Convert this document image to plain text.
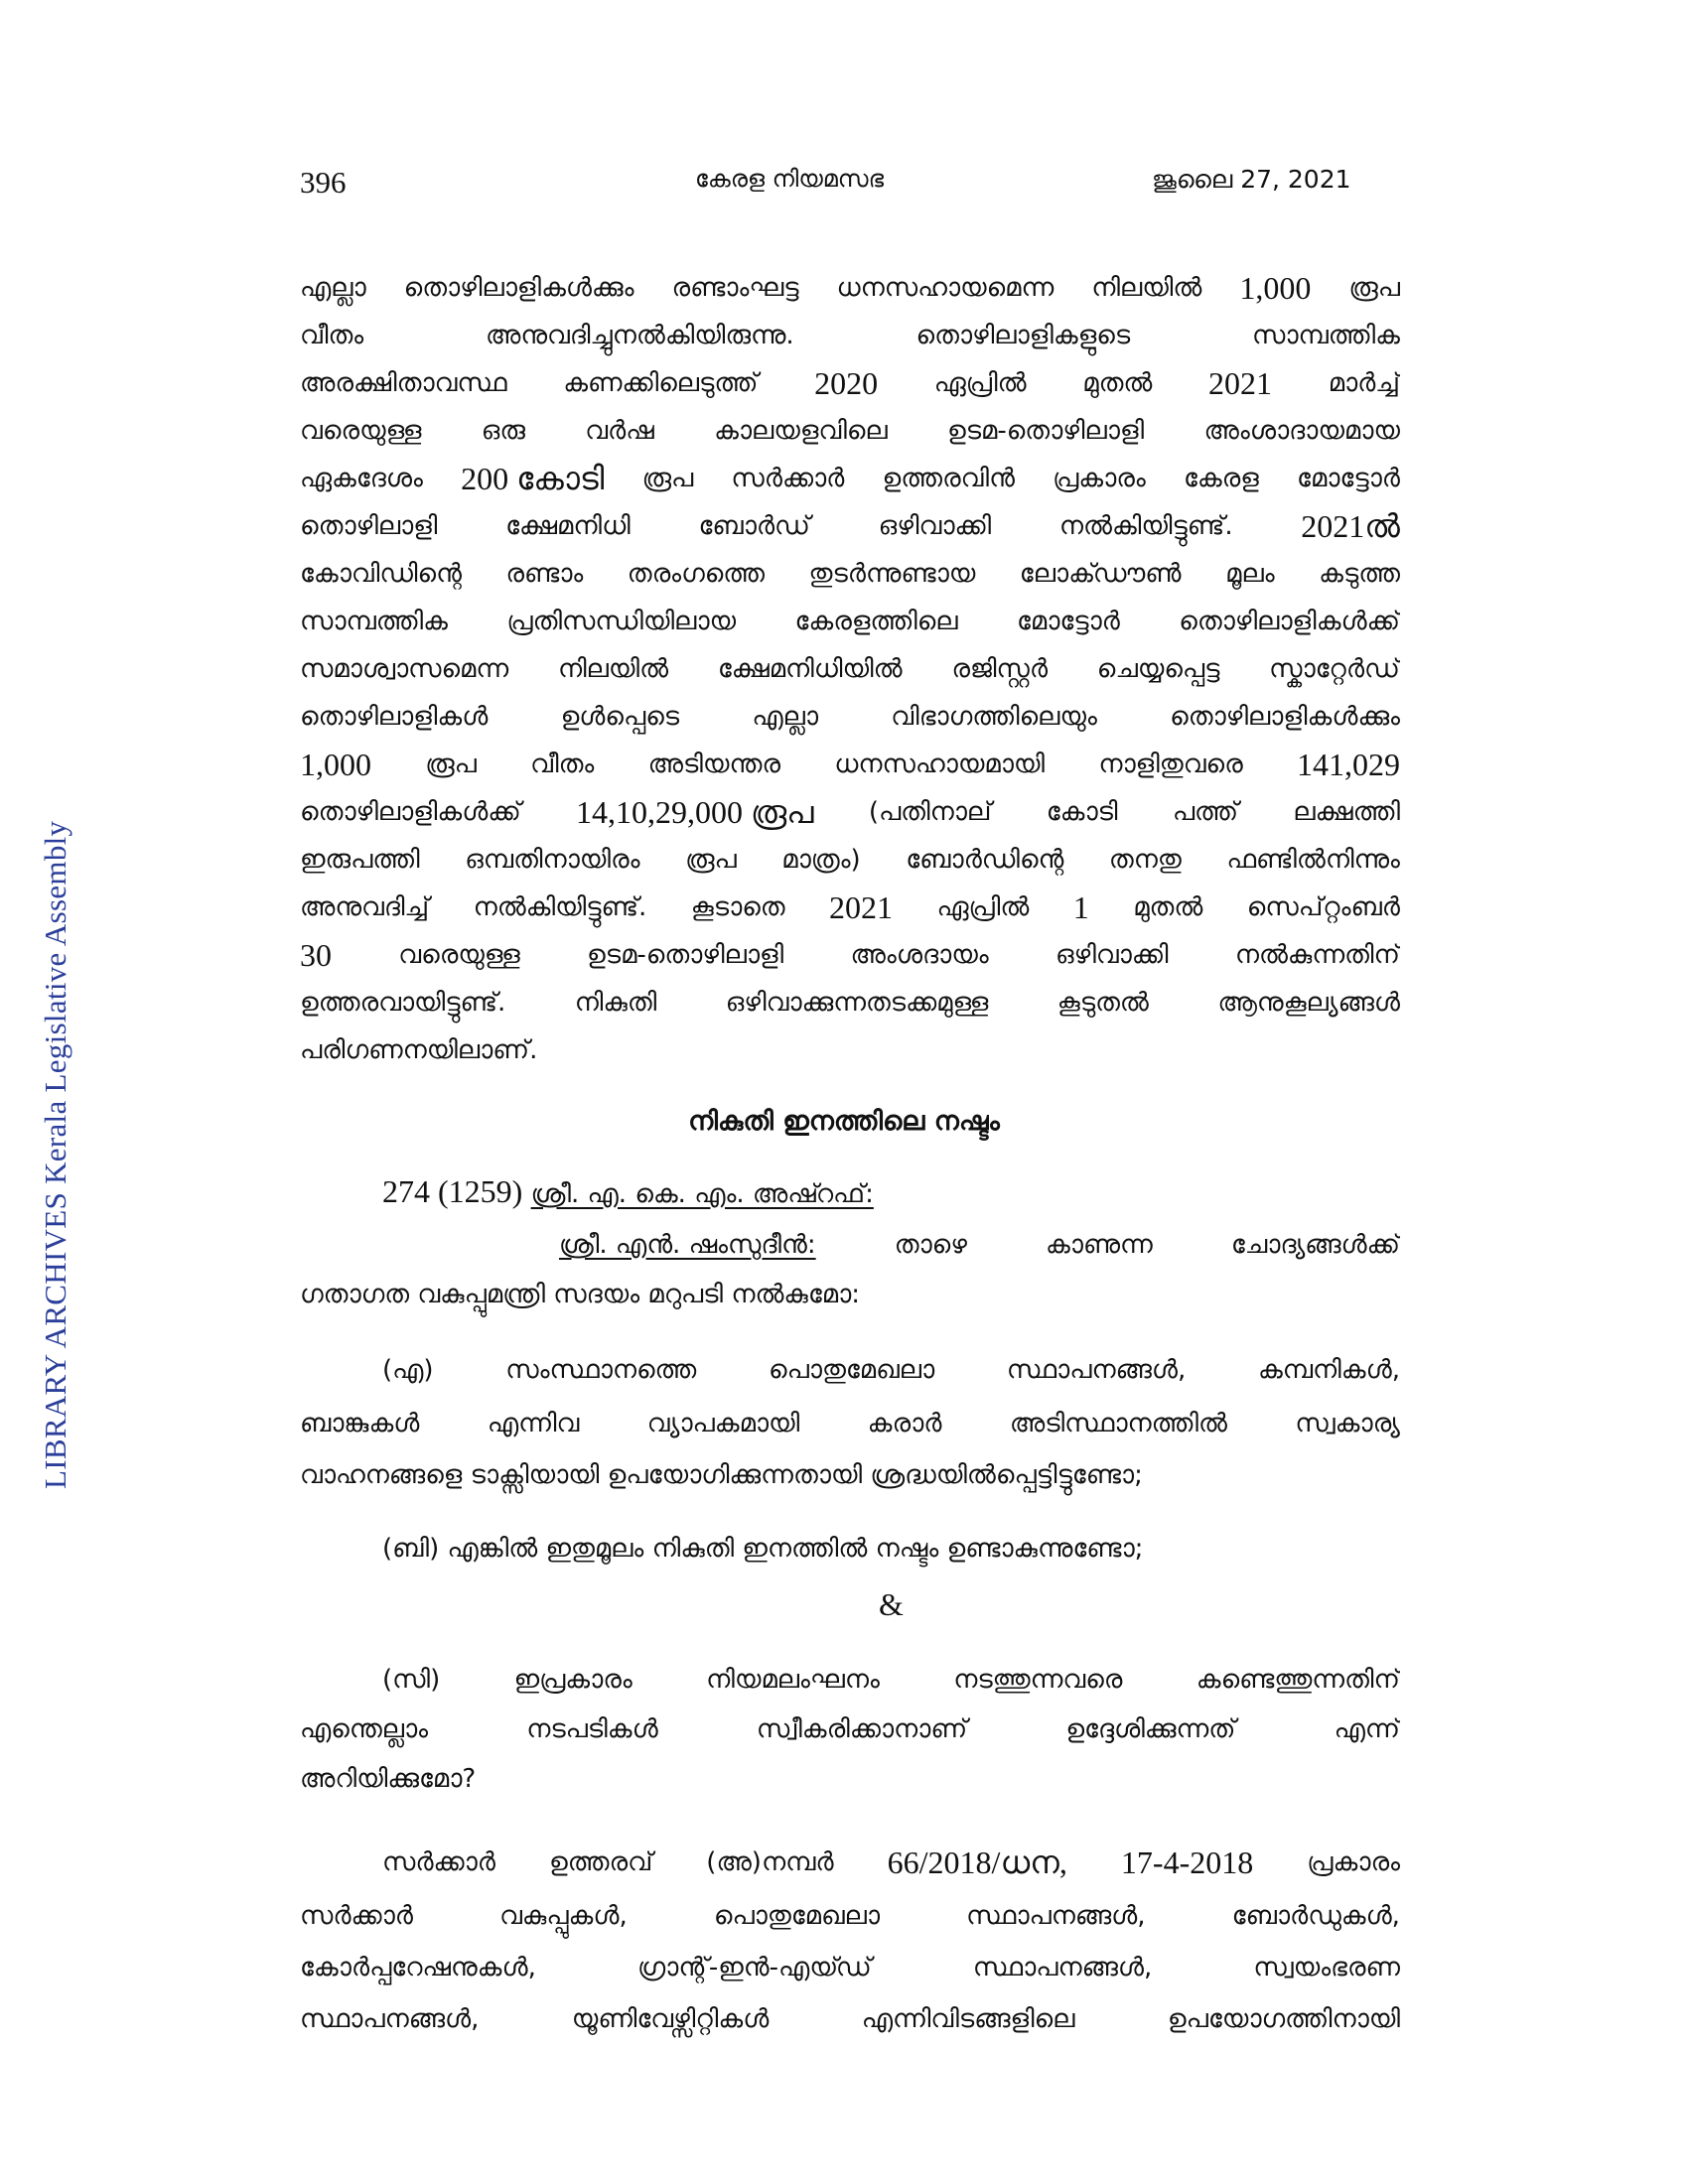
396	കേരള നിയമസഭ	ജൂലൈ 27, 2021
LIBRARY ARCHIVES Kerala Legislative Assembly
എല്ലാ തൊഴിലാളികൾക്കും രണ്ടാംഘട്ട ധനസഹായമെന്ന നിലയിൽ 1,000 രൂപ
വീതം	അനുവദിച്ചുനൽകിയിരുന്നു.	തൊഴിലാളികളുടെ	സാമ്പത്തിക
അരക്ഷിതാവസ്ഥ കണക്കിലെടുത്ത് 2020 ഏപ്രിൽ മുതൽ 2021 മാർച്ച്
വരെയുള്ള ഒരു വർഷ കാലയളവിലെ ഉടമ-തൊഴിലാളി അംശാദായമായ
ഏകദേശം 200 കോടി രൂപ സർക്കാർ ഉത്തരവിൻ പ്രകാരം കേരള മോട്ടോർ
തൊഴിലാളി	ക്ഷേമനിധി	ബോർഡ്	ഒഴിവാക്കി	നൽകിയിട്ടുണ്ട്. 2021ൽ
കോവിഡിന്റെ രണ്ടാം തരംഗത്തെ തുടർന്നുണ്ടായ ലോക്ഡൗൺ മൂലം കടുത്ത
സാമ്പത്തിക പ്രതിസന്ധിയിലായ കേരളത്തിലെ മോട്ടോർ തൊഴിലാളികൾക്ക്
സമാശ്വാസമെന്ന നിലയിൽ ക്ഷേമനിധിയിൽ രജിസ്റ്റർ ചെയ്യപ്പെട്ട സ്കാറ്റേർഡ്
തൊഴിലാളികൾ	ഉൾപ്പെടെ	എല്ലാ	വിഭാഗത്തിലെയും	തൊഴിലാളികൾക്കും
1,000 രൂപ വീതം അടിയന്തര ധനസഹായമായി നാളിതുവരെ 141,029
തൊഴിലാളികൾക്ക് 14,10,29,000 രൂപ (പതിനാല് കോടി പത്ത് ലക്ഷത്തി
ഇരുപത്തി ഒമ്പതിനായിരം രൂപ മാത്രം) ബോർഡിന്റെ തനതു ഫണ്ടിൽനിന്നും
അനുവദിച്ച് നൽകിയിട്ടുണ്ട്. കൂടാതെ 2021 ഏപ്രിൽ 1 മുതൽ സെപ്റ്റംബർ
30	വരെയുള്ള	ഉടമ-തൊഴിലാളി	അംശദായം	ഒഴിവാക്കി	നൽകുന്നതിന്
ഉത്തരവായിട്ടുണ്ട്.	നികുതി	ഒഴിവാക്കുന്നതടക്കമുള്ള	കൂടുതൽ	ആനുകൂല്യങ്ങൾ
പരിഗണനയിലാണ്.
നികുതി ഇനത്തിലെ നഷ്ടം
274 (1259) ശ്രീ. എ. കെ. എം. അഷ്റഫ്:
ശ്രീ. എൻ. ഷംസുദീൻ:	താഴെ	കാണുന്ന	ചോദ്യങ്ങൾക്ക്
ഗതാഗത വകുപ്പുമന്ത്രി സദയം മറുപടി നൽകുമോ:
(എ)	സംസ്ഥാനത്തെ	പൊതുമേഖലാ	സ്ഥാപനങ്ങൾ,	കമ്പനികൾ,
ബാങ്കുകൾ	എന്നിവ	വ്യാപകമായി	കരാർ	അടിസ്ഥാനത്തിൽ	സ്വകാര്യ
വാഹനങ്ങളെ ടാക്സിയായി ഉപയോഗിക്കുന്നതായി ശ്രദ്ധയിൽപ്പെട്ടിട്ടുണ്ടോ;
(ബി) എങ്കിൽ ഇതുമൂലം നികുതി ഇനത്തിൽ നഷ്ടം ഉണ്ടാകുന്നുണ്ടോ;
&
(സി)	ഇപ്രകാരം	നിയമലംഘനം	നടത്തുന്നവരെ	കണ്ടെത്തുന്നതിന്
എന്തെല്ലാം	നടപടികൾ	സ്വീകരിക്കാനാണ്	ഉദ്ദേശിക്കുന്നത്	എന്ന്
അറിയിക്കുമോ?
സർക്കാർ ഉത്തരവ് (അ)നമ്പർ 66/2018/ധന, 17-4-2018 പ്രകാരം
സർക്കാർ	വകുപ്പുകൾ,	പൊതുമേഖലാ	സ്ഥാപനങ്ങൾ,	ബോർഡുകൾ,
കോർപ്പറേഷനുകൾ,	ഗ്രാന്റ്-ഇൻ-എയ്ഡ്	സ്ഥാപനങ്ങൾ,	സ്വയംഭരണ
സ്ഥാപനങ്ങൾ,	യൂണിവേഴ്സിറ്റികൾ	എന്നിവിടങ്ങളിലെ	ഉപയോഗത്തിനായി
